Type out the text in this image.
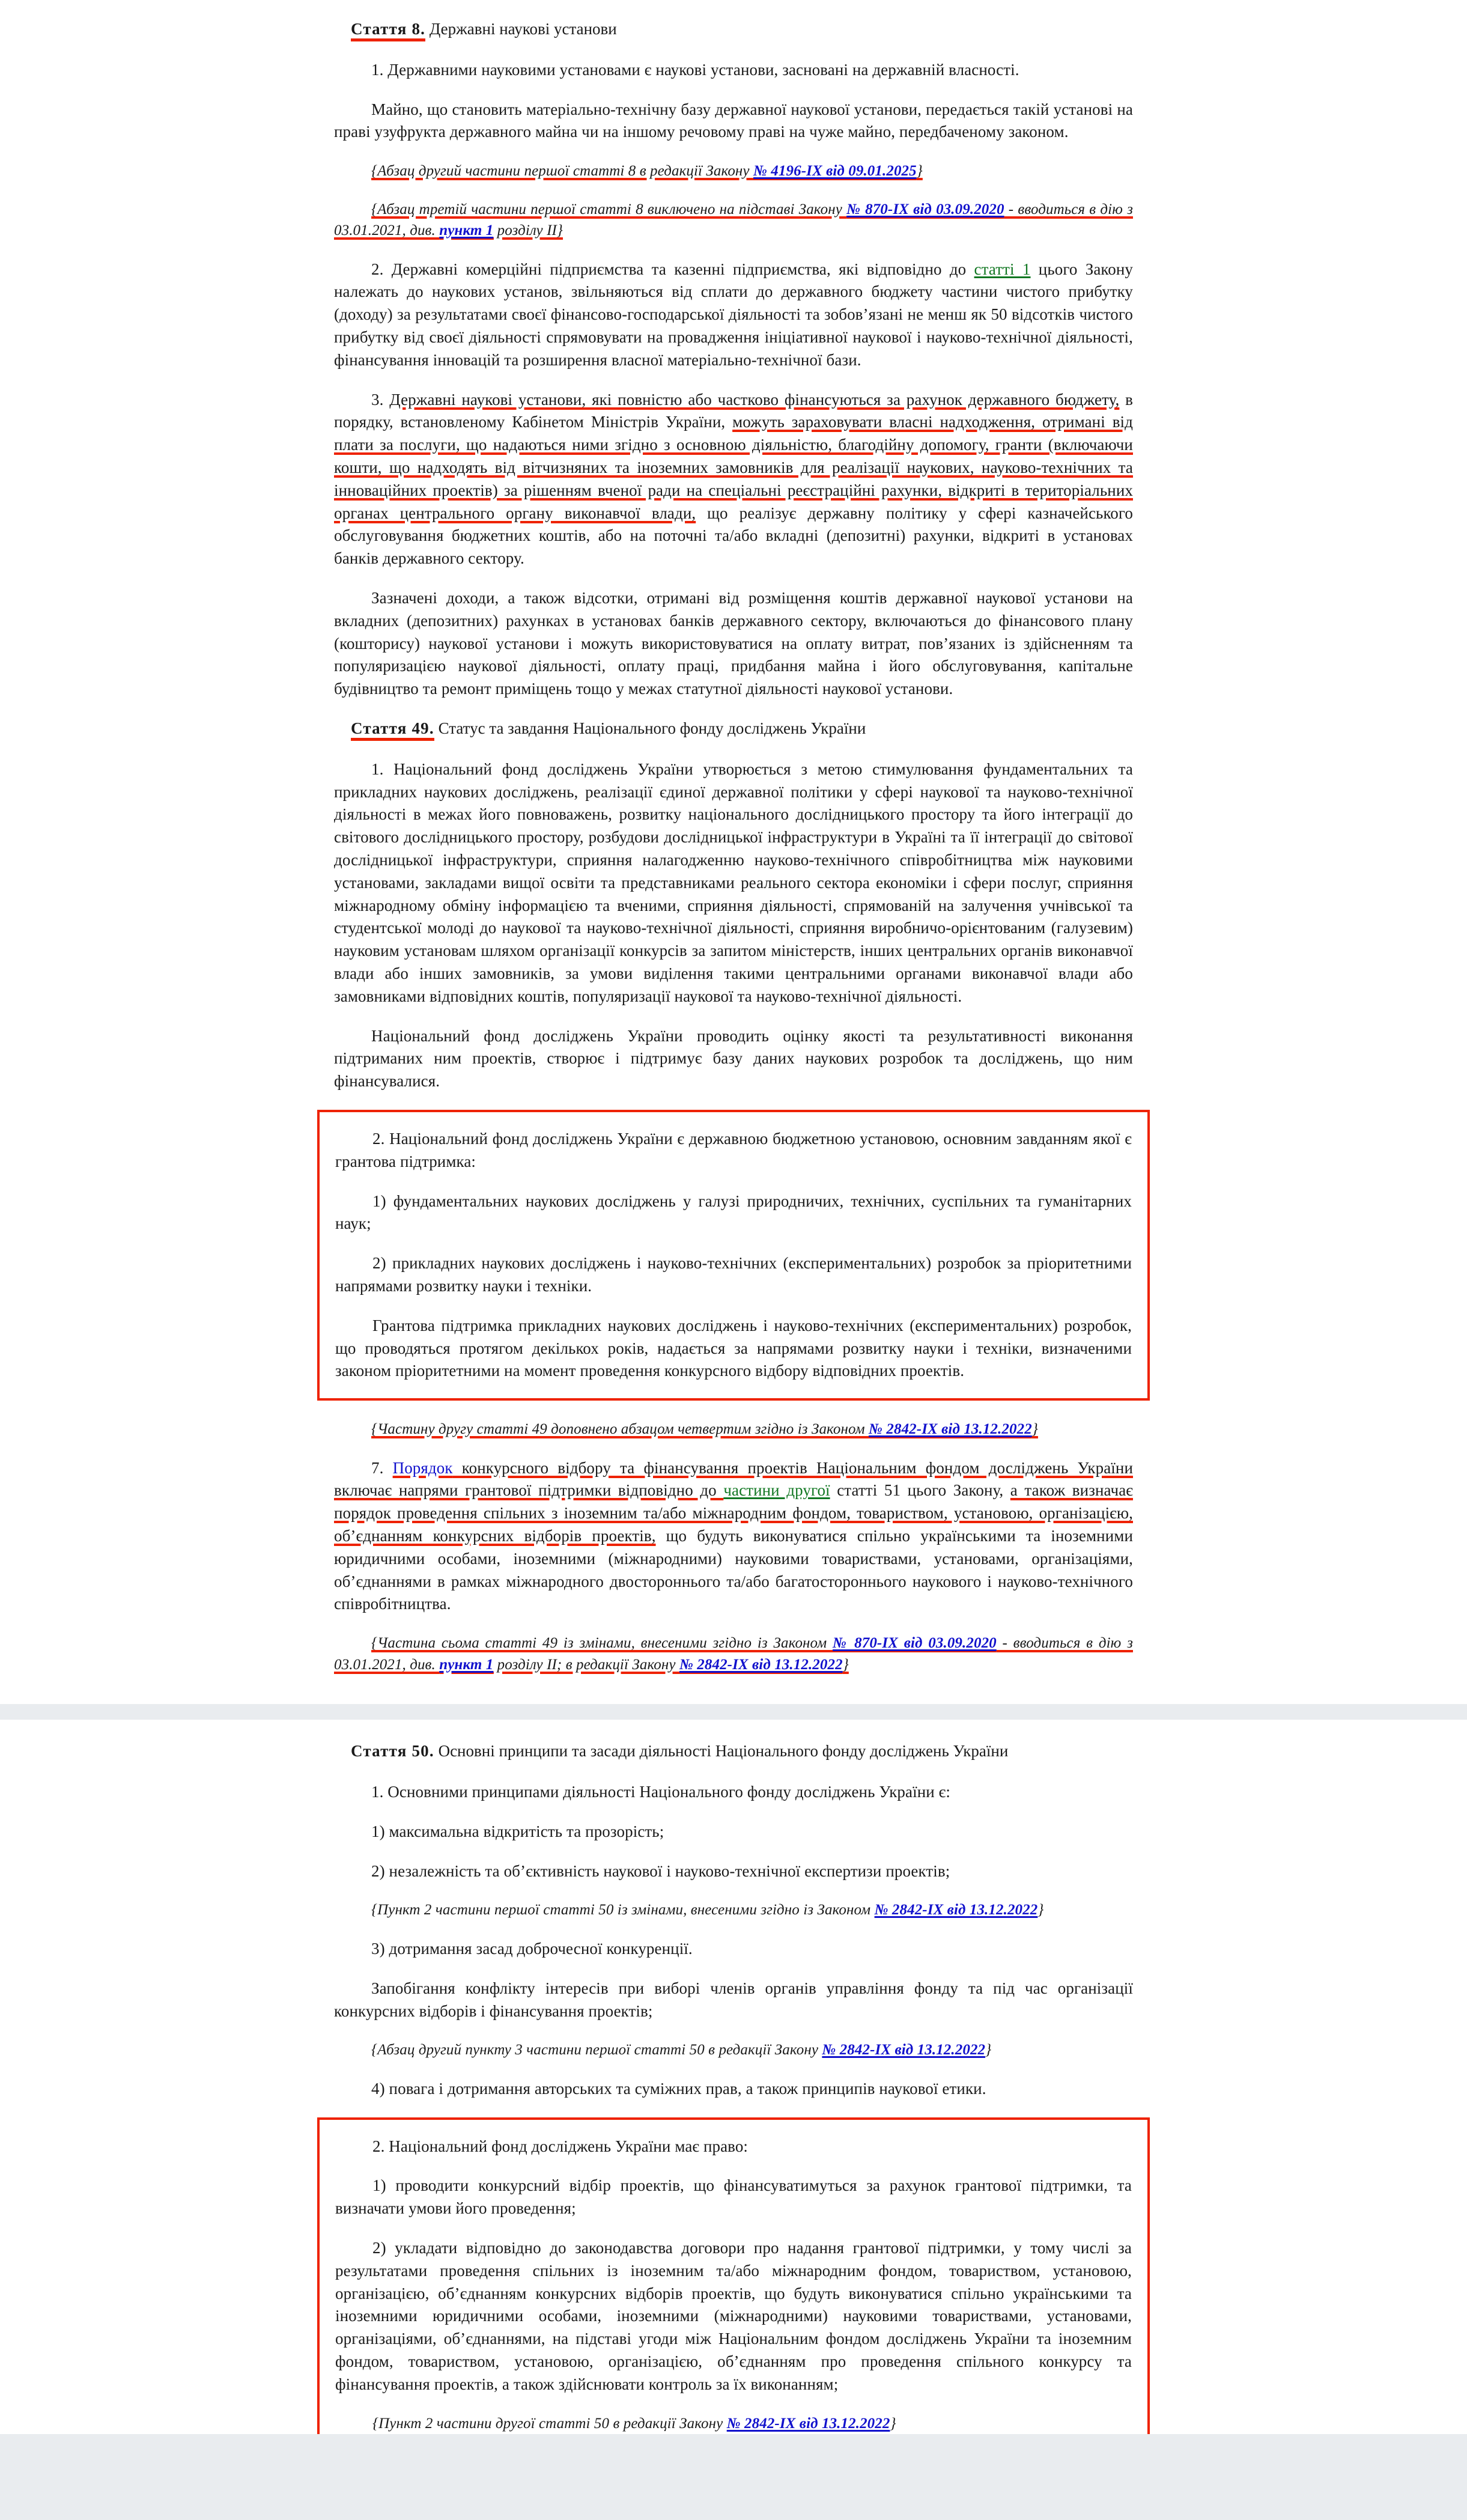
Стаття 8. Державні наукові установи

1. Державними науковими установами є наукові установи, засновані на державній власності.

Майно, що становить матеріально-технічну базу державної наукової установи, передається такій установі на праві узуфрукта державного майна чи на іншому речовому праві на чуже майно, передбаченому законом.

{Абзац другий частини першої статті 8 в редакції Закону № 4196-IX від 09.01.2025}

{Абзац третій частини першої статті 8 виключено на підставі Закону № 870-IX від 03.09.2020 - вводиться в дію з 03.01.2021, див. пункт 1 розділу II}

2. Державні комерційні підприємства та казенні підприємства, які відповідно до статті 1 цього Закону належать до наукових установ, звільняються від сплати до державного бюджету частини чистого прибутку (доходу) за результатами своєї фінансово-господарської діяльності та зобов’язані не менш як 50 відсотків чистого прибутку від своєї діяльності спрямовувати на провадження ініціативної наукової і науково-технічної діяльності, фінансування інновацій та розширення власної матеріально-технічної бази.

3. Державні наукові установи, які повністю або частково фінансуються за рахунок державного бюджету, в порядку, встановленому Кабінетом Міністрів України, можуть зараховувати власні надходження, отримані від плати за послуги, що надаються ними згідно з основною діяльністю, благодійну допомогу, гранти (включаючи кошти, що надходять від вітчизняних та іноземних замовників для реалізації наукових, науково-технічних та інноваційних проектів) за рішенням вченої ради на спеціальні реєстраційні рахунки, відкриті в територіальних органах центрального органу виконавчої влади, що реалізує державну політику у сфері казначейського обслуговування бюджетних коштів, або на поточні та/або вкладні (депозитні) рахунки, відкриті в установах банків державного сектору.

Зазначені доходи, а також відсотки, отримані від розміщення коштів державної наукової установи на вкладних (депозитних) рахунках в установах банків державного сектору, включаються до фінансового плану (кошторису) наукової установи і можуть використовуватися на оплату витрат, пов’язаних із здійсненням та популяризацією наукової діяльності, оплату праці, придбання майна і його обслуговування, капітальне будівництво та ремонт приміщень тощо у межах статутної діяльності наукової установи.

Стаття 49. Статус та завдання Національного фонду досліджень України

1. Національний фонд досліджень України утворюється з метою стимулювання фундаментальних та прикладних наукових досліджень, реалізації єдиної державної політики у сфері наукової та науково-технічної діяльності в межах його повноважень, розвитку національного дослідницького простору та його інтеграції до світового дослідницького простору, розбудови дослідницької інфраструктури в Україні та її інтеграції до світової дослідницької інфраструктури, сприяння налагодженню науково-технічного співробітництва між науковими установами, закладами вищої освіти та представниками реального сектора економіки і сфери послуг, сприяння міжнародному обміну інформацією та вченими, сприяння діяльності, спрямованій на залучення учнівської та студентської молоді до наукової та науково-технічної діяльності, сприяння виробничо-орієнтованим (галузевим) науковим установам шляхом організації конкурсів за запитом міністерств, інших центральних органів виконавчої влади або інших замовників, за умови виділення такими центральними органами виконавчої влади або замовниками відповідних коштів, популяризації наукової та науково-технічної діяльності.

Національний фонд досліджень України проводить оцінку якості та результативності виконання підтриманих ним проектів, створює і підтримує базу даних наукових розробок та досліджень, що ним фінансувалися.

2. Національний фонд досліджень України є державною бюджетною установою, основним завданням якої є грантова підтримка:

1) фундаментальних наукових досліджень у галузі природничих, технічних, суспільних та гуманітарних наук;

2) прикладних наукових досліджень і науково-технічних (експериментальних) розробок за пріоритетними напрямами розвитку науки і техніки.

Грантова підтримка прикладних наукових досліджень і науково-технічних (експериментальних) розробок, що проводяться протягом декількох років, надається за напрямами розвитку науки і техніки, визначеними законом пріоритетними на момент проведення конкурсного відбору відповідних проектів.

{Частину другу статті 49 доповнено абзацом четвертим згідно із Законом № 2842-IX від 13.12.2022}

7. Порядок конкурсного відбору та фінансування проектів Національним фондом досліджень України включає напрями грантової підтримки відповідно до частини другої статті 51 цього Закону, а також визначає порядок проведення спільних з іноземним та/або міжнародним фондом, товариством, установою, організацією, об’єднанням конкурсних відборів проектів, що будуть виконуватися спільно українськими та іноземними юридичними особами, іноземними (міжнародними) науковими товариствами, установами, організаціями, об’єднаннями в рамках міжнародного двостороннього та/або багатостороннього наукового і науково-технічного співробітництва.

{Частина сьома статті 49 із змінами, внесеними згідно із Законом № 870-IX від 03.09.2020 - вводиться в дію з 03.01.2021, див. пункт 1 розділу II; в редакції Закону № 2842-IX від 13.12.2022}

Стаття 50. Основні принципи та засади діяльності Національного фонду досліджень України

1. Основними принципами діяльності Національного фонду досліджень України є:

1) максимальна відкритість та прозорість;

2) незалежність та об’єктивність наукової і науково-технічної експертизи проектів;

{Пункт 2 частини першої статті 50 із змінами, внесеними згідно із Законом № 2842-IX від 13.12.2022}

3) дотримання засад доброчесної конкуренції.

Запобігання конфлікту інтересів при виборі членів органів управління фонду та під час організації конкурсних відборів і фінансування проектів;

{Абзац другий пункту 3 частини першої статті 50 в редакції Закону № 2842-IX від 13.12.2022}

4) повага і дотримання авторських та суміжних прав, а також принципів наукової етики.

2. Національний фонд досліджень України має право:

1) проводити конкурсний відбір проектів, що фінансуватимуться за рахунок грантової підтримки, та визначати умови його проведення;

2) укладати відповідно до законодавства договори про надання грантової підтримки, у тому числі за результатами проведення спільних із іноземним та/або міжнародним фондом, товариством, установою, організацією, об’єднанням конкурсних відборів проектів, що будуть виконуватися спільно українськими та іноземними юридичними особами, іноземними (міжнародними) науковими товариствами, установами, організаціями, об’єднаннями, на підставі угоди між Національним фондом досліджень України та іноземним фондом, товариством, установою, організацією, об’єднанням про проведення спільного конкурсу та фінансування проектів, а також здійснювати контроль за їх виконанням;

{Пункт 2 частини другої статті 50 в редакції Закону № 2842-IX від 13.12.2022}
